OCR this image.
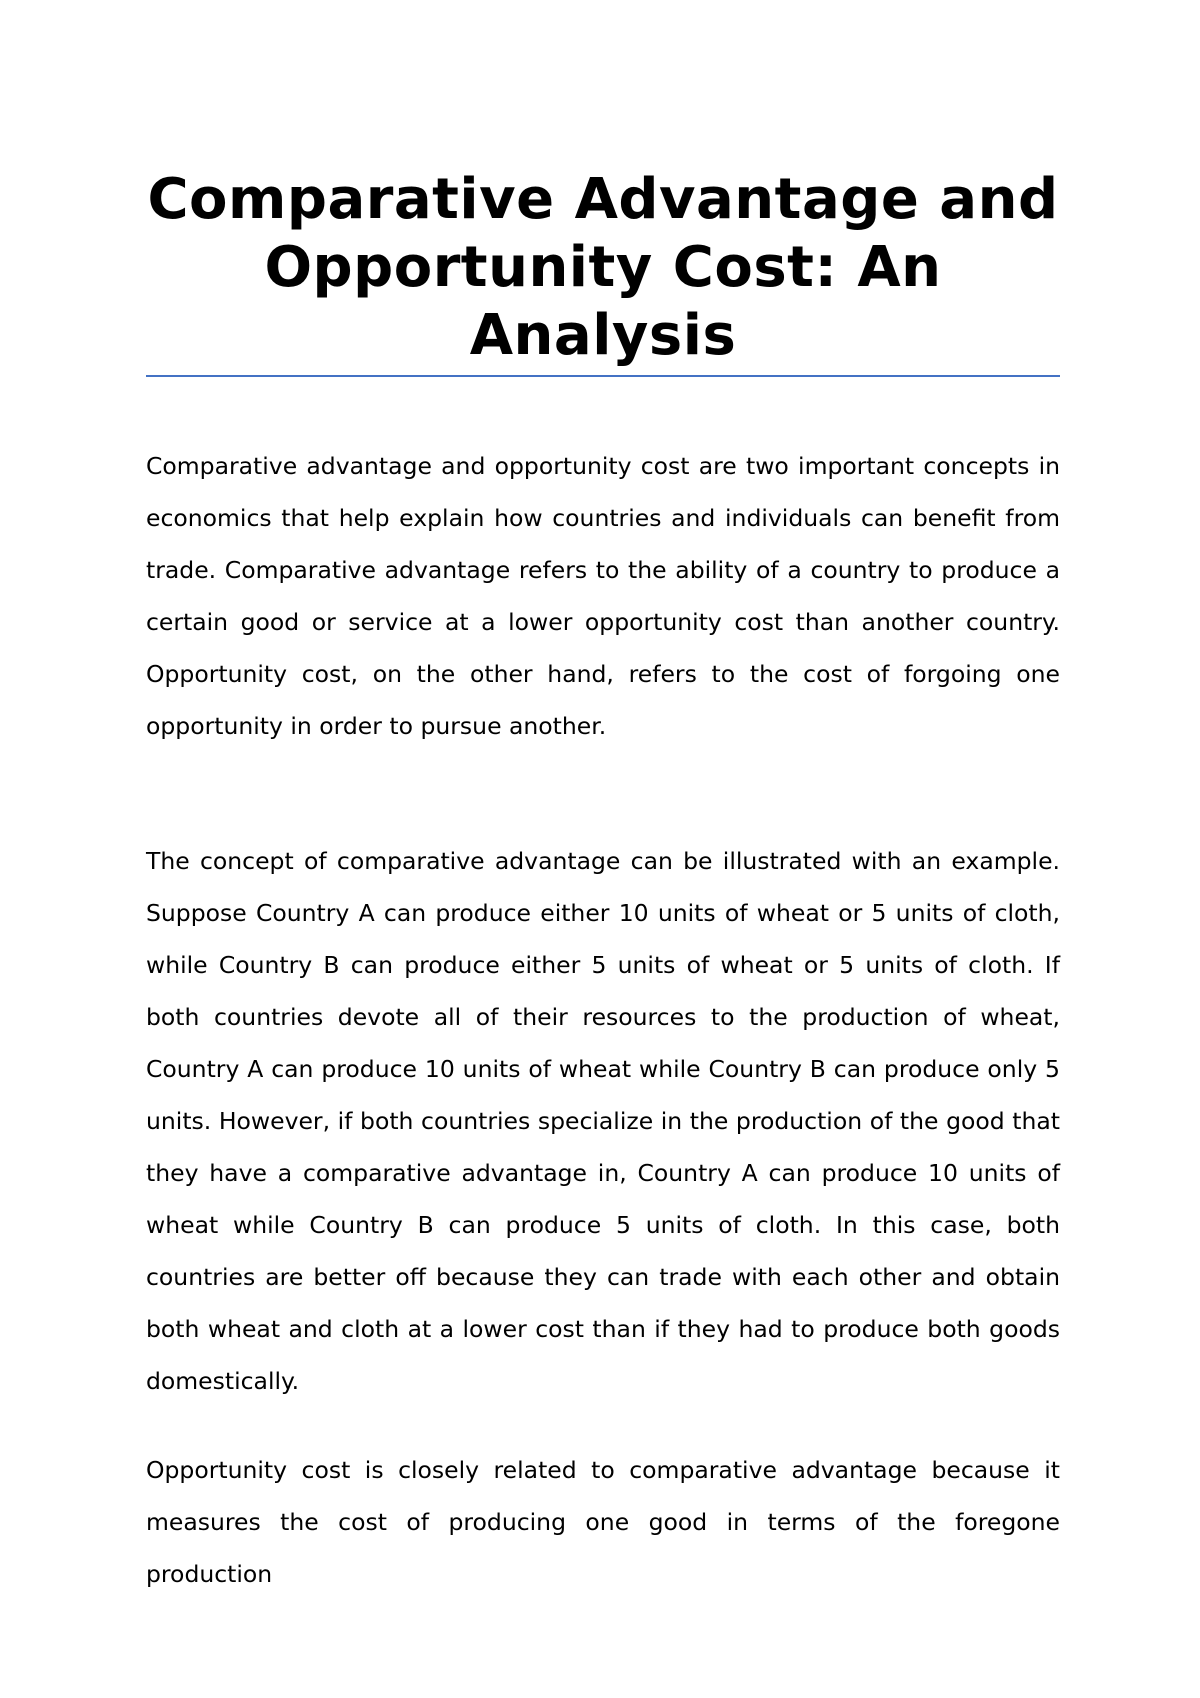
Comparative Advantage and Opportunity Cost: An Analysis

Comparative advantage and opportunity cost are two important concepts in economics that help explain how countries and individuals can benefit from trade. Comparative advantage refers to the ability of a country to produce a certain good or service at a lower opportunity cost than another country. Opportunity cost, on the other hand, refers to the cost of forgoing one opportunity in order to pursue another.

The concept of comparative advantage can be illustrated with an example. Suppose Country A can produce either 10 units of wheat or 5 units of cloth, while Country B can produce either 5 units of wheat or 5 units of cloth. If both countries devote all of their resources to the production of wheat, Country A can produce 10 units of wheat while Country B can produce only 5 units. However, if both countries specialize in the production of the good that they have a comparative advantage in, Country A can produce 10 units of wheat while Country B can produce 5 units of cloth. In this case, both countries are better off because they can trade with each other and obtain both wheat and cloth at a lower cost than if they had to produce both goods domestically.

Opportunity cost is closely related to comparative advantage because it measures the cost of producing one good in terms of the foregone production
